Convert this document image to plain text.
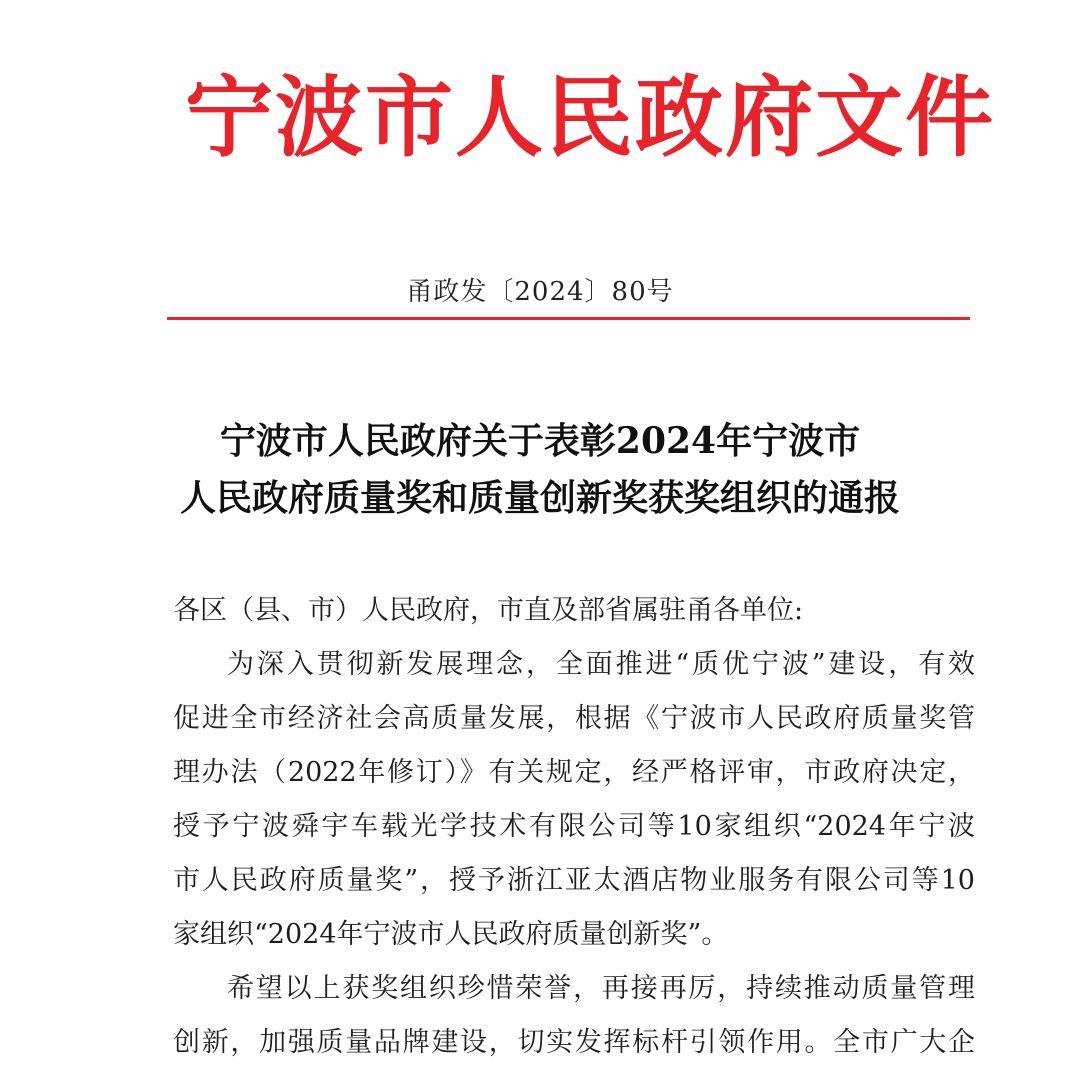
宁 波 市 人 民 政 府 文 件
甬政发〔2024〕80号
宁波市人民政府关于表彰2024年宁波市
人民政府质量奖和质量创新奖获奖组织的通报
各区（县、市）人民政府，市直及部省属驻甬各单位:
为深入贯彻新发展理念，全面推进“质优宁波”建设，有效
促进全市经济社会高质量发展，根据《宁波市人民政府质量奖管
理办法（2022年修订）》有关规定，经严格评审，市政府决定，
授予宁波舜宇车载光学技术有限公司等10家组织“2024年宁波
市人民政府质量奖”，授予浙江亚太酒店物业服务有限公司等10
家组织“2024年宁波市人民政府质量创新奖”。
希望以上获奖组织珍惜荣誉，再接再厉，持续推动质量管理
创新，加强质量品牌建设，切实发挥标杆引领作用。全市广大企
